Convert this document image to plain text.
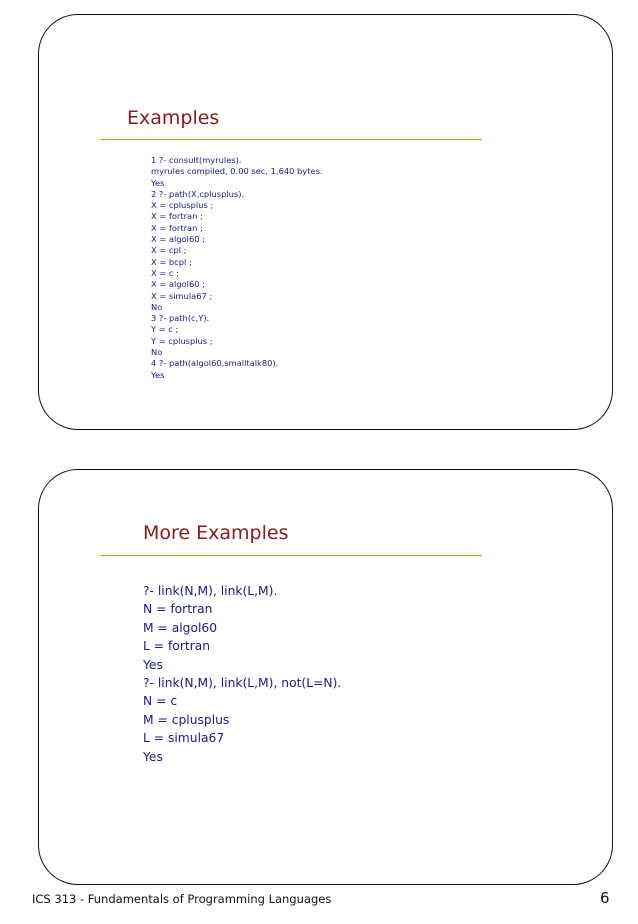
Examples
1 ?- consult(myrules).
myrules compiled, 0.00 sec, 1,640 bytes.
Yes
2 ?- path(X,cplusplus).
X = cplusplus ;
X = fortran ;
X = fortran ;
X = algol60 ;
X = cpl ;
X = bcpl ;
X = c ;
X = algol60 ;
X = simula67 ;
No
3 ?- path(c,Y).
Y = c ;
Y = cplusplus ;
No
4 ?- path(algol60,smalltalk80).
Yes
More Examples
?- link(N,M), link(L,M).
N = fortran
M = algol60
L = fortran
Yes
?- link(N,M), link(L,M), not(L=N).
N = c
M = cplusplus
L = simula67
Yes
ICS 313 - Fundamentals of Programming Languages	6
